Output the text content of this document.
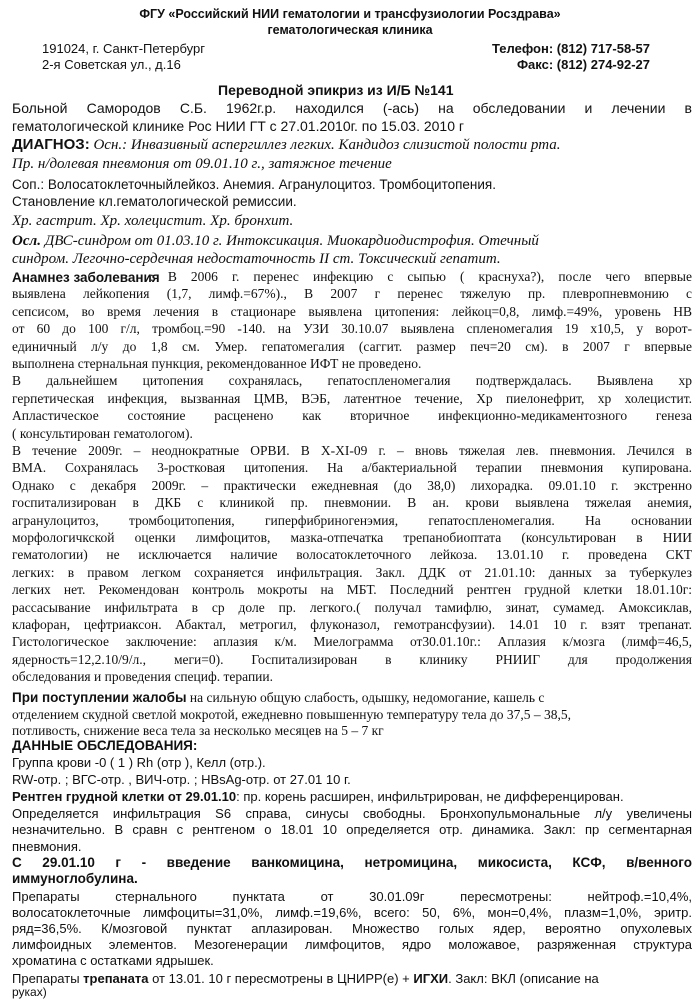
ФГУ «Российский НИИ гематологии и трансфузиологии Росздрава»
гематологическая клиника
191024, г. Санкт-Петербург
2-я Советская ул., д.16
Телефон: (812) 717-58-57
Факс: (812) 274-92-27
Переводной эпикриз из И/Б №141
Больной Самородов С.Б. 1962г.р. находился (-ась) на обследовании и лечении в
гематологической клинике Рос НИИ ГТ с 27.01.2010г. по 15.03. 2010 г
ДИАГНОЗ: Осн.: Инвазивный аспергиллез легких. Кандидоз слизистой полости рта.
Пр. н/долевая пневмония от 09.01.10 г., затяжное течение
Соп.: Волосатоклеточныйлейкоз. Анемия. Агранулоцитоз. Тромбоцитопения.
Становление кл.гематологической ремиссии.
Хр. гастрит. Хр. холецистит. Хр. бронхит.
Осл. ДВС-синдром от 01.03.10 г. Интоксикация. Миокардиодистрофия. Отечный
синдром. Легочно-сердечная недостаточность II ст. Токсический гепатит.
: В 2006 г. перенес инфекцию с сыпью ( краснуха?), после чего впервые
выявлена лейкопения (1,7, лимф.=67%)., В 2007 г перенес тяжелую пр. плевропневмонию с
сепсисом, во время лечения в стационаре выявлена цитопения: лейкоц=0,8, лимф.=49%, уровень НВ
от 60 до 100 г/л, тромбоц.=90 -140. на УЗИ 30.10.07 выявлена спленомегалия 19 х10,5, у ворот-
единичный л/у до 1,8 см. Умер. гепатомегалия (саггит. размер печ=20 см). в 2007 г впервые
выполнена стернальная пункция, рекомендованное ИФТ не проведено.
В дальнейшем цитопения сохранялась, гепатоспленомегалия подтверждалась. Выявлена хр
герпетическая инфекция, вызванная ЦМВ, ВЭБ, латентное течение, Хр пиелонефрит, хр холецистит.
Апластическое состояние расценено как вторичное инфекционно-медикаментозного генеза
( консультирован гематологом).
В течение 2009г. – неоднократные ОРВИ. В Х-XI-09 г. – вновь тяжелая лев. пневмония. Лечился в
ВМА. Сохранялась 3-ростковая цитопения. На а/бактериальной терапии пневмония купирована.
Однако с декабря 2009г. – практически ежедневная (до 38,0) лихорадка. 09.01.10 г. экстренно
госпитализирован в ДКБ с клиникой пр. пневмонии. В ан. крови выявлена тяжелая анемия,
агранулоцитоз, тромбоцитопения, гиперфибриногенэмия, гепатоспленомегалия. На основании
морфологичкской оценки лимфоцитов, мазка-отпечатка трепанобиоптата (консультирован в НИИ
гематологии) не исключается наличие волосатоклеточного лейкоза. 13.01.10 г. проведена СКТ
легких: в правом легком сохраняется инфильтрация. Закл. ДДК от 21.01.10: данных за туберкулез
легких нет. Рекомендован контроль мокроты на МБТ. Последний рентген грудной клетки 18.01.10г:
рассасывание инфильтрата в ср доле пр. легкого.( получал тамифлю, зинат, сумамед. Амоксиклав,
клафоран, цефтриаксон. Абактал, метрогил, флуконазол, гемотрансфузии). 14.01 10 г. взят трепанат.
Гистологическое заключение: аплазия к/м. Миелограмма от30.01.10г.: Аплазия к/мозга (лимф=46,5,
ядерность=12,2.10/9/л., меги=0). Госпитализирован в клинику РНИИГ для продолжения
обследования и проведения специф. терапии.
Анамнез заболевания
При поступлении жалобы на сильную общую слабость, одышку, недомогание, кашель с
отделением скудной светлой мокротой, ежедневно повышенную температуру тела до 37,5 – 38,5,
потливость, снижение веса тела за несколько месяцев на 5 – 7 кг
ДАННЫЕ ОБСЛЕДОВАНИЯ:
Группа крови -0 ( 1 ) Rh (отр ), Келл (отр.).
RW-отр. ; ВГС-отр. , ВИЧ-отр. ; HBsAg-отр. от 27.01 10 г.
Рентген грудной клетки от 29.01.10: пр. корень расширен, инфильтрирован, не дифференцирован.
Определяется инфильтрация S6 справа, синусы свободны. Бронхопульмональные л/у увеличены
незначительно. В сравн с рентгеном о 18.01 10 определяется отр. динамика. Закл: пр сегментарная
пневмония.
С 29.01.10 г - введение ванкомицина, нетромицина, микосиста, КСФ, в/венного
иммуноглобулина.
Препараты стернального пунктата от 30.01.09г пересмотрены: нейтроф.=10,4%,
волосатоклеточные лимфоциты=31,0%, лимф.=19,6%, всего: 50, 6%, мон=0,4%, плазм=1,0%, эритр.
ряд=36,5%. К/мозговой пунктат аплазирован. Множество голых ядер, вероятно опухолевых
лимфоидных элементов. Мезогенерации лимфоцитов, ядро моложавое, разряженная структура
хроматина с остатками ядрышек.
Препараты трепаната от 13.01. 10 г пересмотрены в ЦНИРР(е) + ИГХИ. Закл: ВКЛ (описание на
руках)
